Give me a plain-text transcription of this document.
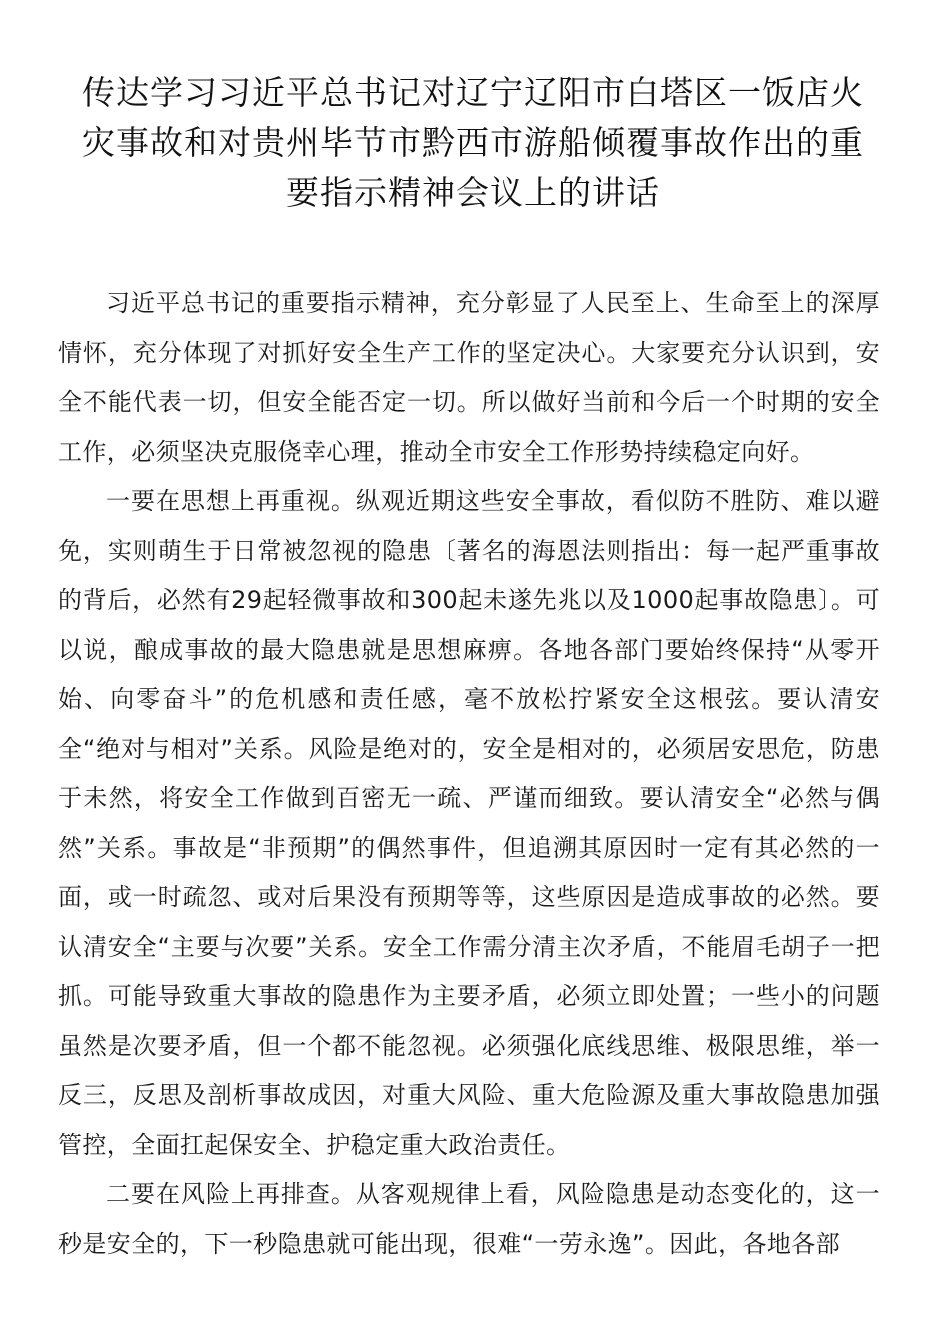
传达学习习近平总书记对辽宁辽阳市白塔区一饭店火灾事故和对贵州毕节市黔西市游船倾覆事故作出的重要指示精神会议上的讲话

习近平总书记的重要指示精神，充分彰显了人民至上、生命至上的深厚情怀，充分体现了对抓好安全生产工作的坚定决心。大家要充分认识到，安全不能代表一切，但安全能否定一切。所以做好当前和今后一个时期的安全工作，必须坚决克服侥幸心理，推动全市安全工作形势持续稳定向好。

一要在思想上再重视。纵观近期这些安全事故，看似防不胜防、难以避免，实则萌生于日常被忽视的隐患〔著名的海恩法则指出：每一起严重事故的背后，必然有29起轻微事故和300起未遂先兆以及1000起事故隐患〕。可以说，酿成事故的最大隐患就是思想麻痹。各地各部门要始终保持“从零开始、向零奋斗”的危机感和责任感，毫不放松拧紧安全这根弦。要认清安全“绝对与相对”关系。风险是绝对的，安全是相对的，必须居安思危，防患于未然，将安全工作做到百密无一疏、严谨而细致。要认清安全“必然与偶然”关系。事故是“非预期”的偶然事件，但追溯其原因时一定有其必然的一面，或一时疏忽、或对后果没有预期等等，这些原因是造成事故的必然。要认清安全“主要与次要”关系。安全工作需分清主次矛盾，不能眉毛胡子一把抓。可能导致重大事故的隐患作为主要矛盾，必须立即处置；一些小的问题虽然是次要矛盾，但一个都不能忽视。必须强化底线思维、极限思维，举一反三，反思及剖析事故成因，对重大风险、重大危险源及重大事故隐患加强管控，全面扛起保安全、护稳定重大政治责任。

二要在风险上再排查。从客观规律上看，风险隐患是动态变化的，这一秒是安全的，下一秒隐患就可能出现，很难“一劳永逸”。因此，各地各部
